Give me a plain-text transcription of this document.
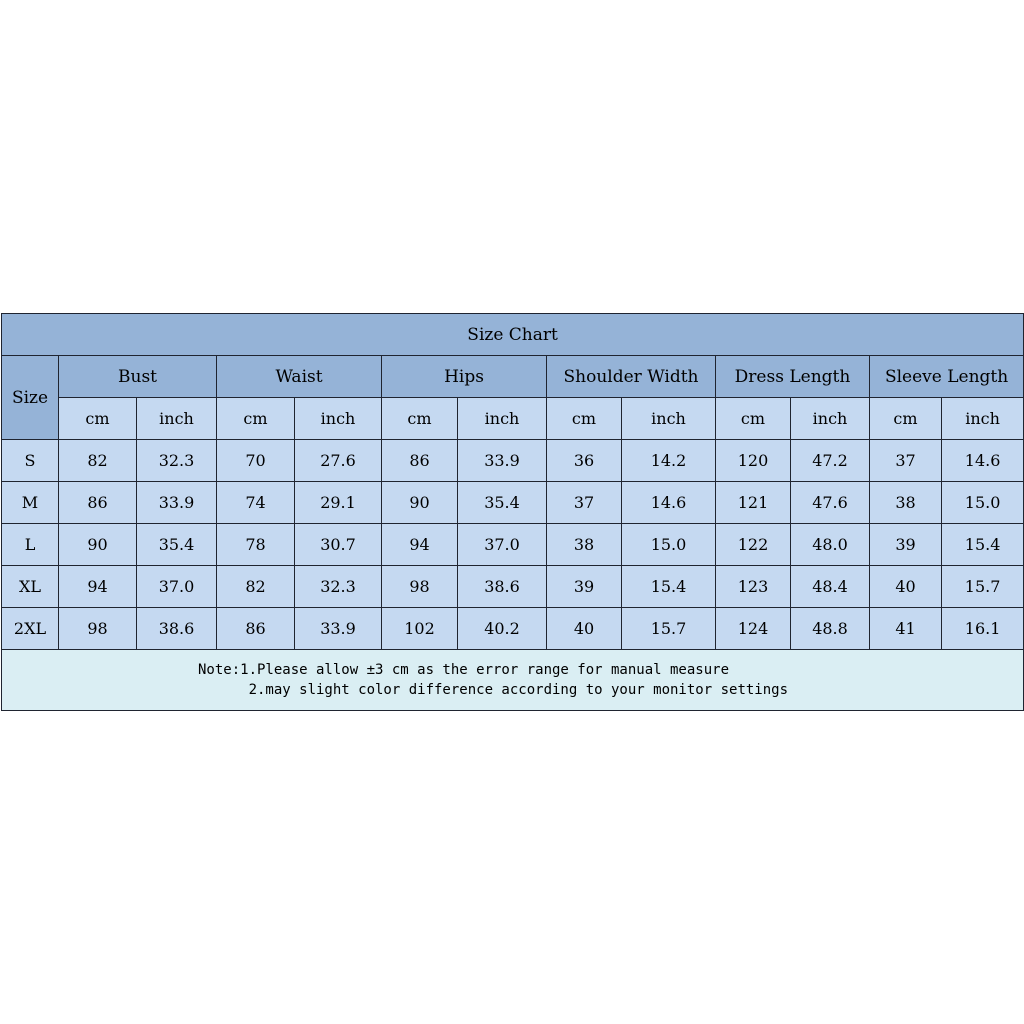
Size Chart												
Size	Bust		Waist		Hips		Shoulder Width		Dress Length		Sleeve Length	
	cm	inch	cm	inch	cm	inch	cm	inch	cm	inch	cm	inch
S	82	32.3	70	27.6	86	33.9	36	14.2	120	47.2	37	14.6
M	86	33.9	74	29.1	90	35.4	37	14.6	121	47.6	38	15.0
L	90	35.4	78	30.7	94	37.0	38	15.0	122	48.0	39	15.4
XL	94	37.0	82	32.3	98	38.6	39	15.4	123	48.4	40	15.7
2XL	98	38.6	86	33.9	102	40.2	40	15.7	124	48.8	41	16.1

Note:1.Please allow ±3 cm as the error range for manual measure
2.may slight color difference according to your monitor settings												
